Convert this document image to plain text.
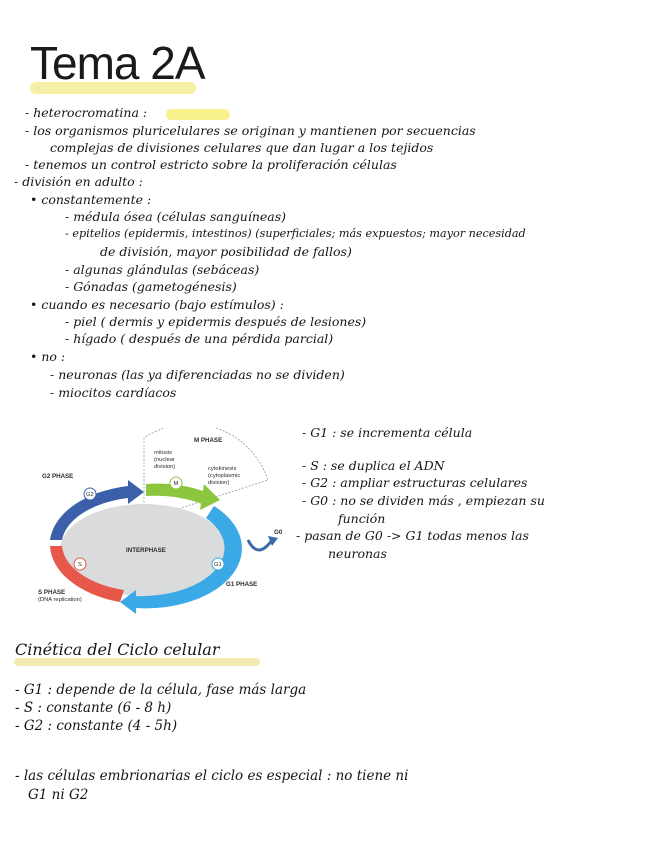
Tema 2A
- heterocromatina :
- los organismos pluricelulares se originan y mantienen por secuencias
complejas de divisiones celulares que dan lugar a los tejidos
- tenemos un control estricto sobre la proliferación células
- división en adulto :
• constantemente :
- médula ósea (células sanguíneas)
- epitelios (epidermis, intestinos) (superficiales; más expuestos; mayor necesidad
de división, mayor posibilidad de fallos)
- algunas glándulas (sebáceas)
- Gónadas (gametogénesis)
• cuando es necesario (bajo estímulos) :
- piel ( dermis y epidermis después de lesiones)
- hígado ( después de una pérdida parcial)
• no :
- neuronas (las ya diferenciadas no se dividen)
- miocitos cardíacos
M PHASE
mitosis
(nuclear
division)	cytokinesis
(cytoplasmic
division)
INTERPHASE
G2
M
S	G1
G0
G2 PHASE
S PHASE
(DNA replication)
G1 PHASE
- G1 : se incrementa célula
- S : se duplica el ADN
- G2 : ampliar estructuras celulares
- G0 : no se dividen más , empiezan su
función
- pasan de G0 -> G1 todas menos las
neuronas
Cinética del Ciclo celular
- G1 : depende de la célula, fase más larga
- S : constante (6 - 8 h)
- G2 : constante (4 - 5h)
- las células embrionarias el ciclo es especial : no tiene ni
G1 ni G2
